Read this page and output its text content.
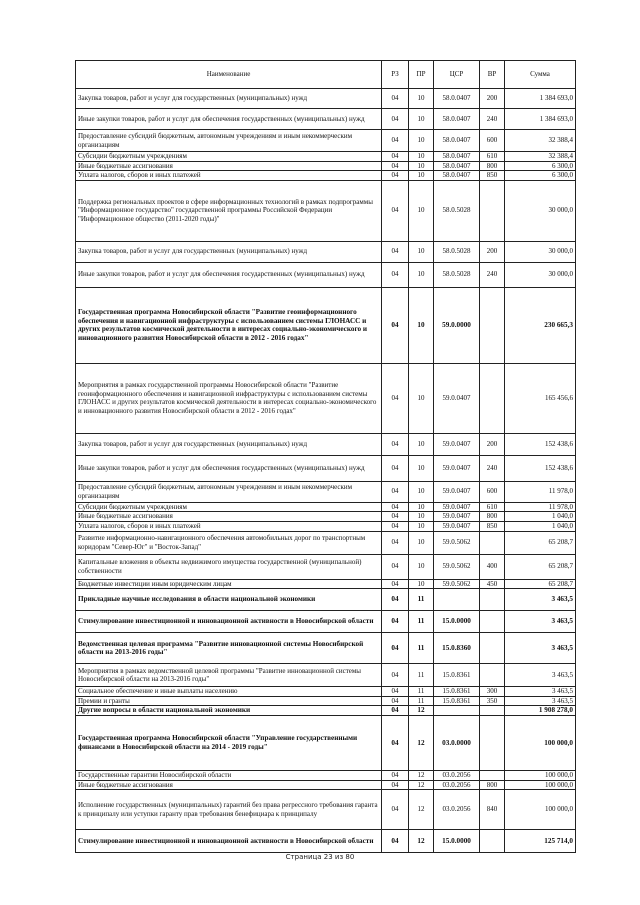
Наименование	РЗ	ПР	ЦСР	ВР	Сумма
Закупка товаров, работ и услуг для государственных (муниципальных) нужд	04	10	58.0.0407	200	1 384 693,0
Иные закупки товаров, работ и услуг для обеспечения государственных (муниципальных) нужд	04	10	58.0.0407	240	1 384 693,0
Предоставление субсидий бюджетным, автономным учреждениям и иным некоммерческим организациям	04	10	58.0.0407	600	32 388,4
Субсидии бюджетным учреждениям	04	10	58.0.0407	610	32 388,4
Иные бюджетные ассигнования	04	10	58.0.0407	800	6 300,0
Уплата налогов, сборов и иных платежей	04	10	58.0.0407	850	6 300,0
Поддержка региональных проектов в сфере информационных технологий в рамках подпрограммы "Информационное государство" государственной программы Российской Федерации "Информационное общество (2011-2020 годы)"	04	10	58.0.5028		30 000,0
Закупка товаров, работ и услуг для государственных (муниципальных) нужд	04	10	58.0.5028	200	30 000,0
Иные закупки товаров, работ и услуг для обеспечения государственных (муниципальных) нужд	04	10	58.0.5028	240	30 000,0
Государственная программа Новосибирской области "Развитие геоинформационного обеспечения и навигационной инфраструктуры с использованием системы ГЛОНАСС и других результатов космической деятельности в интересах социально-экономического и инновационного развития Новосибирской области в 2012 - 2016 годах"	04	10	59.0.0000		230 665,3
Мероприятия в рамках государственной программы Новосибирской области "Развитие геоинформационного обеспечения и навигационной инфраструктуры с использованием системы ГЛОНАСС и других результатов космической деятельности в интересах социально-экономического и инновационного развития Новосибирской области в 2012 - 2016 годах"	04	10	59.0.0407		165 456,6
Закупка товаров, работ и услуг для государственных (муниципальных) нужд	04	10	59.0.0407	200	152 438,6
Иные закупки товаров, работ и услуг для обеспечения государственных (муниципальных) нужд	04	10	59.0.0407	240	152 438,6
Предоставление субсидий бюджетным, автономным учреждениям и иным некоммерческим организациям	04	10	59.0.0407	600	11 978,0
Субсидии бюджетным учреждениям	04	10	59.0.0407	610	11 978,0
Иные бюджетные ассигнования	04	10	59.0.0407	800	1 040,0
Уплата налогов, сборов и иных платежей	04	10	59.0.0407	850	1 040,0
Развитие информационно-навигационного обеспечения автомобильных дорог по транспортным коридорам "Север-Юг" и "Восток-Запад"	04	10	59.0.5062		65 208,7
Капитальные вложения в объекты недвижимого имущества государственной (муниципальной) собственности	04	10	59.0.5062	400	65 208,7
Бюджетные инвестиции иным юридическим лицам	04	10	59.0.5062	450	65 208,7
Прикладные научные исследования в области национальной экономики	04	11			3 463,5
Стимулирование инвестиционной и инновационной активности в Новосибирской области	04	11	15.0.0000		3 463,5
Ведомственная целевая программа "Развитие инновационной системы Новосибирской области на 2013-2016 годы"	04	11	15.0.8360		3 463,5
Мероприятия в рамках ведомственной целевой программы "Развитие инновационной системы Новосибирской области на 2013-2016 годы"	04	11	15.0.8361		3 463,5
Социальное обеспечение и иные выплаты населению	04	11	15.0.8361	300	3 463,5
Премии и гранты	04	11	15.0.8361	350	3 463,5
Другие вопросы в области национальной экономики	04	12			1 908 278,0
Государственная программа Новосибирской области "Управление государственными финансами в Новосибирской области на 2014 - 2019 годы"	04	12	03.0.0000		100 000,0
Государственные гарантии Новосибирской области	04	12	03.0.2056		100 000,0
Иные бюджетные ассигнования	04	12	03.0.2056	800	100 000,0
Исполнение государственных (муниципальных) гарантий без права регрессного требования гаранта к принципалу или уступки гаранту прав требования бенефициара к принципалу	04	12	03.0.2056	840	100 000,0
Стимулирование инвестиционной и инновационной активности в Новосибирской области	04	12	15.0.0000		125 714,0
Страница 23 из 80
